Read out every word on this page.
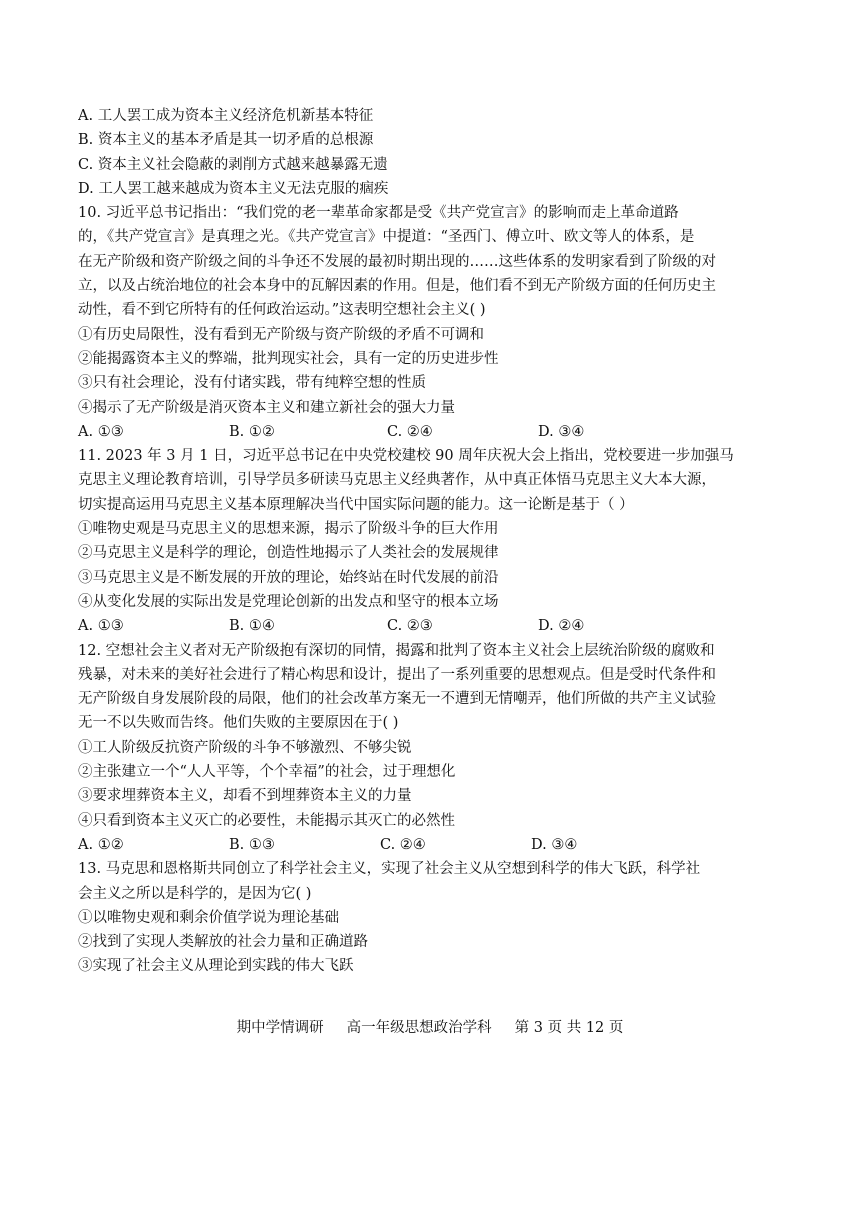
A. 工人罢工成为资本主义经济危机新基本特征
B. 资本主义的基本矛盾是其一切矛盾的总根源
C. 资本主义社会隐蔽的剥削方式越来越暴露无遗
D. 工人罢工越来越成为资本主义无法克服的痼疾
10. 习近平总书记指出：“我们党的老一辈革命家都是受《共产党宣言》的影响而走上革命道路
的，《共产党宣言》是真理之光。《共产党宣言》中提道：“圣西门、傅立叶、欧文等人的体系，是
在无产阶级和资产阶级之间的斗争还不发展的最初时期出现的……这些体系的发明家看到了阶级的对
立，以及占统治地位的社会本身中的瓦解因素的作用。但是，他们看不到无产阶级方面的任何历史主
动性，看不到它所特有的任何政治运动。”这表明空想社会主义( )
①有历史局限性，没有看到无产阶级与资产阶级的矛盾不可调和
②能揭露资本主义的弊端，批判现实社会，具有一定的历史进步性
③只有社会理论，没有付诸实践，带有纯粹空想的性质
④揭示了无产阶级是消灭资本主义和建立新社会的强大力量
A. ①③	B. ①②	C. ②④	D. ③④
11. 2023 年 3 月 1 日，习近平总书记在中央党校建校 90 周年庆祝大会上指出，党校要进一步加强马
克思主义理论教育培训，引导学员多研读马克思主义经典著作，从中真正体悟马克思主义大本大源，
切实提高运用马克思主义基本原理解决当代中国实际问题的能力。这一论断是基于（ ）
①唯物史观是马克思主义的思想来源，揭示了阶级斗争的巨大作用
②马克思主义是科学的理论，创造性地揭示了人类社会的发展规律
③马克思主义是不断发展的开放的理论，始终站在时代发展的前沿
④从变化发展的实际出发是党理论创新的出发点和坚守的根本立场
A. ①③	B. ①④	C. ②③	D. ②④
12. 空想社会主义者对无产阶级抱有深切的同情，揭露和批判了资本主义社会上层统治阶级的腐败和
残暴，对未来的美好社会进行了精心构思和设计，提出了一系列重要的思想观点。但是受时代条件和
无产阶级自身发展阶段的局限，他们的社会改革方案无一不遭到无情嘲弄，他们所做的共产主义试验
无一不以失败而告终。他们失败的主要原因在于( )
①工人阶级反抗资产阶级的斗争不够激烈、不够尖锐
②主张建立一个“人人平等，个个幸福”的社会，过于理想化
③要求埋葬资本主义，却看不到埋葬资本主义的力量
④只看到资本主义灭亡的必要性，未能揭示其灭亡的必然性
A. ①②	B. ①③	C. ②④	D. ③④
13. 马克思和恩格斯共同创立了科学社会主义，实现了社会主义从空想到科学的伟大飞跃，科学社
会主义之所以是科学的，是因为它( )
①以唯物史观和剩余价值学说为理论基础
②找到了实现人类解放的社会力量和正确道路
③实现了社会主义从理论到实践的伟大飞跃
期中学情调研 高一年级思想政治学科 第 3 页 共 12 页
